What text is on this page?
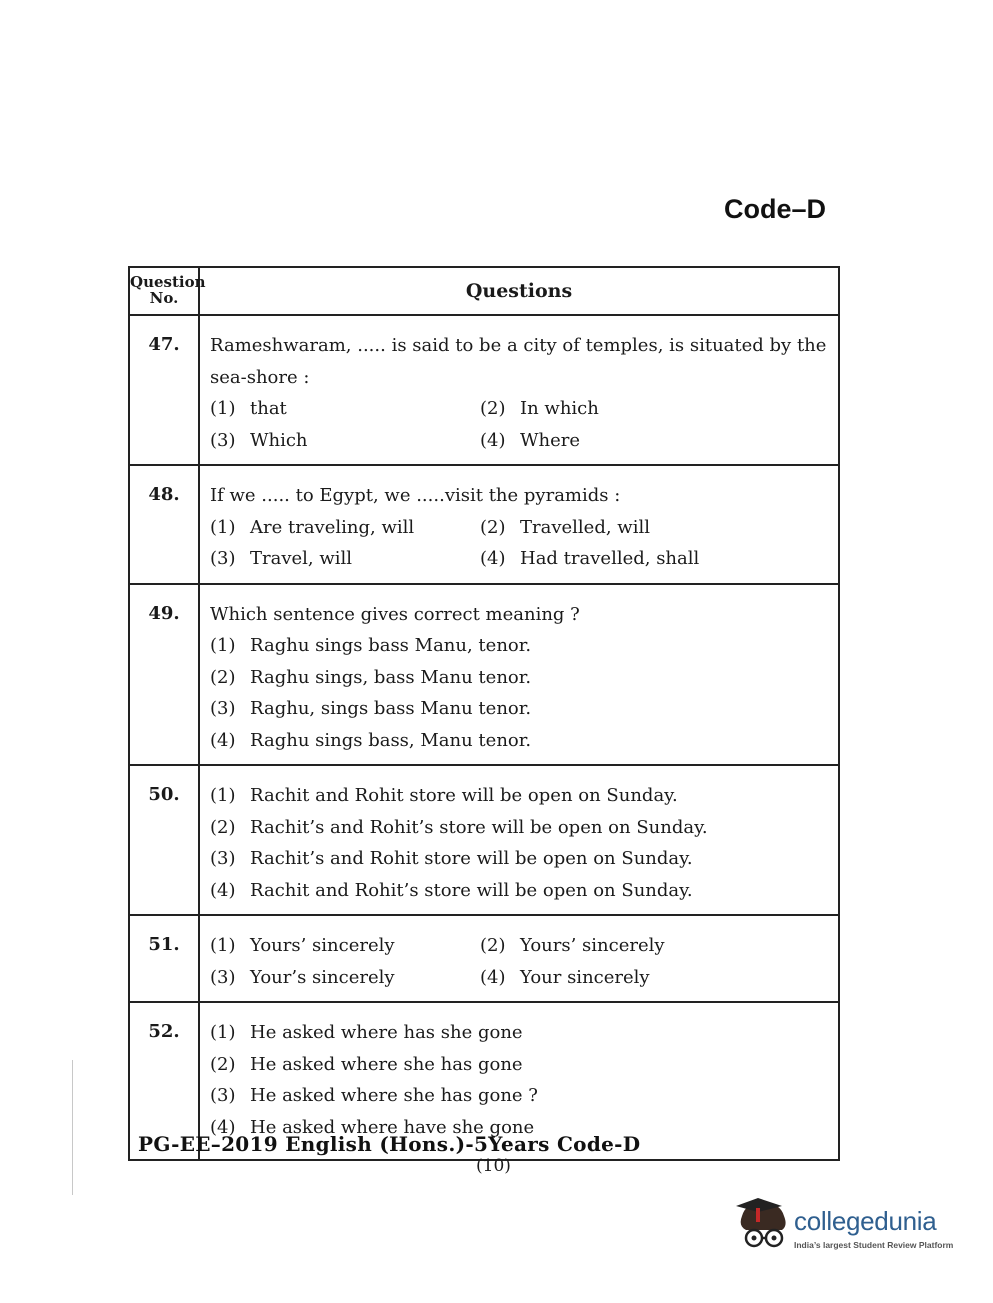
Code–D
Question No.	Questions
47.	Rameshwaram, ..... is said to be a city of temples, is situated by the sea-shore :

(1) that (2) In which
(3) Which (4) Where

48.	If we ..... to Egypt, we .....visit the pyramids :

(1) Are traveling, will (2) Travelled, will
(3) Travel, will (4) Had travelled, shall

49.	Which sentence gives correct meaning ?

(1) Raghu sings bass Manu, tenor.
(2) Raghu sings, bass Manu tenor.
(3) Raghu, sings bass Manu tenor.
(4) Raghu sings bass, Manu tenor.

50.	(1) Rachit and Rohit store will be open on Sunday.
(2) Rachit’s and Rohit’s store will be open on Sunday.
(3) Rachit’s and Rohit store will be open on Sunday.
(4) Rachit and Rohit’s store will be open on Sunday.

51.	(1) Yours’ sincerely (2) Yours’ sincerely
(3) Your’s sincerely (4) Your sincerely

52.	(1) He asked where has she gone
(2) He asked where she has gone
(3) He asked where she has gone ?
(4) He asked where have she gone
PG-EE–2019 English (Hons.)-5Years Code-D
(10)
collegedunia
India’s largest Student Review Platform
